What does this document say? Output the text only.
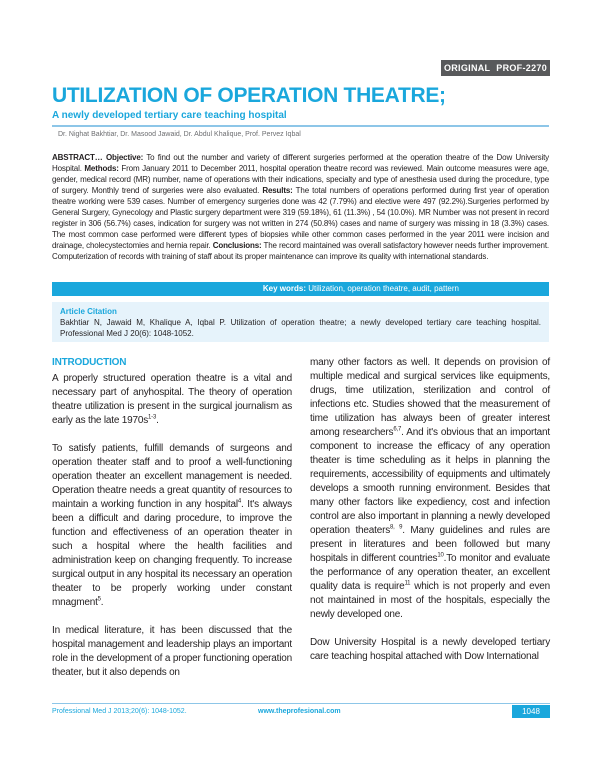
ORIGINAL PROF-2270
UTILIZATION OF OPERATION THEATRE;
A newly developed tertiary care teaching hospital
Dr. Nighat Bakhtiar, Dr. Masood Jawaid, Dr. Abdul Khalique, Prof. Pervez Iqbal
ABSTRACT… Objective: To find out the number and variety of different surgeries performed at the operation theatre of the Dow University Hospital. Methods: From January 2011 to December 2011, hospital operation theatre record was reviewed. Main outcome measures were age, gender, medical record (MR) number, name of operations with their indications, specialty and type of anesthesia used during the procedure, type of surgery. Monthly trend of surgeries were also evaluated. Results: The total numbers of operations performed during first year of operation theatre working were 539 cases. Number of emergency surgeries done was 42 (7.79%) and elective were 497 (92.2%).Surgeries performed by General Surgery, Gynecology and Plastic surgery department were 319 (59.18%), 61 (11.3%) , 54 (10.0%). MR Number was not present in record register in 306 (56.7%) cases, indication for surgery was not written in 274 (50.8%) cases and name of surgery was missing in 18 (3.3%) cases. The most common case performed were different types of biopsies while other common cases performed in the year 2011 were incision and drainage, cholecystectomies and hernia repair. Conclusions: The record maintained was overall satisfactory however needs further improvement. Computerization of records with training of staff about its proper maintenance can improve its quality with international standards.
Key words: Utilization, operation theatre, audit, pattern
Article Citation
Bakhtiar N, Jawaid M, Khalique A, Iqbal P. Utilization of operation theatre; a newly developed tertiary care teaching hospital. Professional Med J 20(6): 1048-1052.
INTRODUCTION

A properly structured operation theatre is a vital and necessary part of anyhospital. The theory of operation theatre utilization is present in the surgical journalism as early as the late $1970s^{1-3}$.

To satisfy patients, fulfill demands of surgeons and operation theater staff and to proof a well-functioning operation theater an excellent management is needed. Operation theatre needs a great quantity of resources to maintain a working function in any hospital$^4$. It's always been a difficult and daring procedure, to improve the function and effectiveness of an operation theater in such a hospital where the health facilities and administration keep on changing frequently. To increase surgical output in any hospital its necessary an operation theater to be properly working under constant mnagment$^5$.

In medical literature, it has been discussed that the hospital management and leadership plays an important role in the development of a proper functioning operation theater, but it also depends on

many other factors as well. It depends on provision of multiple medical and surgical services like equipments, drugs, time utilization, sterilization and control of infections etc. Studies showed that the measurement of time utilization has always been of greater interest among researchers$^{6,7}$. And it's obvious that an important component to increase the efficacy of any operation theater is time scheduling as it helps in planning the requirements, accessibility of equipments and ultimately develops a smooth running environment. Besides that many other factors like expediency, cost and infection control are also important in planning a newly developed operation theaters$^{8, 9}$. Many guidelines and rules are present in literatures and been followed but many hospitals in different countries$^{10}$.To monitor and evaluate the performance of any operation theater, an excellent quality data is require$^{11}$ which is not properly and even not maintained in most of the hospitals, especially the newly developed one.

Dow University Hospital is a newly developed tertiary care teaching hospital attached with Dow International

Professional Med J 2013;20(6): 1048-1052.	www.theprofesional.com	1048
